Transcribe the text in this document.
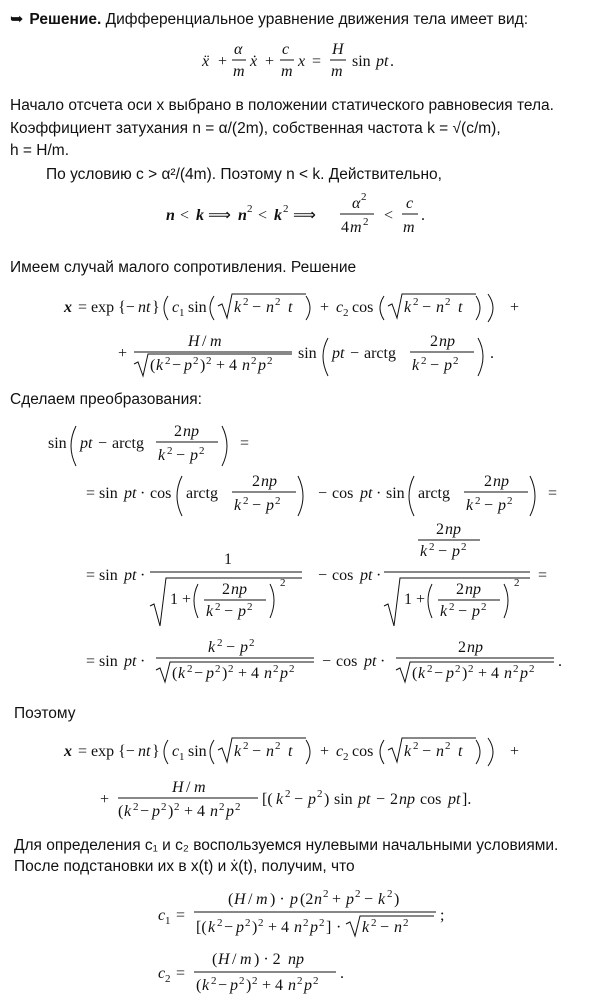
➥ Решение. Дифференциальное уравнение движения тела имеет вид:
ẍ +
α
m
ẋ +
c
m
x =
H
m
sin pt .
Начало отсчета оси x выбрано в положении статического равновесия тела.
Коэффициент затухания n = α/(2m), собственная частота k = √(c/m),
h = H/m.
По условию c > α²/(4m). Поэтому n < k. Действительно,
n < k ⟹ n 2 < k 2 ⟹
α 2
4 m 2 <
c
m
.
Имеем случай малого сопротивления. Решение
x = exp {− nt } c 1 sin k 2 − n 2 t + c 2 cos k 2 − n 2 t	+
+
H / m
( k 2 − p 2 ) 2 + 4 n 2 p 2 sin pt − arctg
2 np
k 2 − p 2 .
Сделаем преобразования:
sin pt − arctg
2 np
k 2 − p 2 =
= sin pt · cos arctg
2 np
k 2 − p 2 − cos pt · sin arctg
2 np
k 2 − p 2 =
= sin pt ·
1
1 +
2 np
k 2 − p 2
2 − cos pt ·
2 np
k 2 − p 2
1 +
2 np
k 2 − p 2
2 =
= sin pt ·
k 2 − p 2
( k 2 − p 2 ) 2 + 4 n 2 p 2 − cos pt ·
2 np
( k 2 − p 2 ) 2 + 4 n 2 p 2 .
Поэтому
x = exp {− nt } c 1 sin k 2 − n 2 t + c 2 cos k 2 − n 2 t	+
+
H / m
( k 2 − p 2 ) 2 + 4 n 2 p 2 [( k 2 − p 2 ) sin pt − 2 np cos pt ].
Для определения c₁ и c₂ воспользуемся нулевыми начальными условиями.
После подстановки их в x(t) и ẋ(t), получим, что
c 1 =
( H / m ) · p (2 n 2 + p 2 − k 2 )
[( k 2 − p 2 ) 2 + 4 n 2 p 2 ] · k 2 − n 2 ;
c 2 =
( H / m ) · 2 np
( k 2 − p 2 ) 2 + 4 n 2 p 2 .
